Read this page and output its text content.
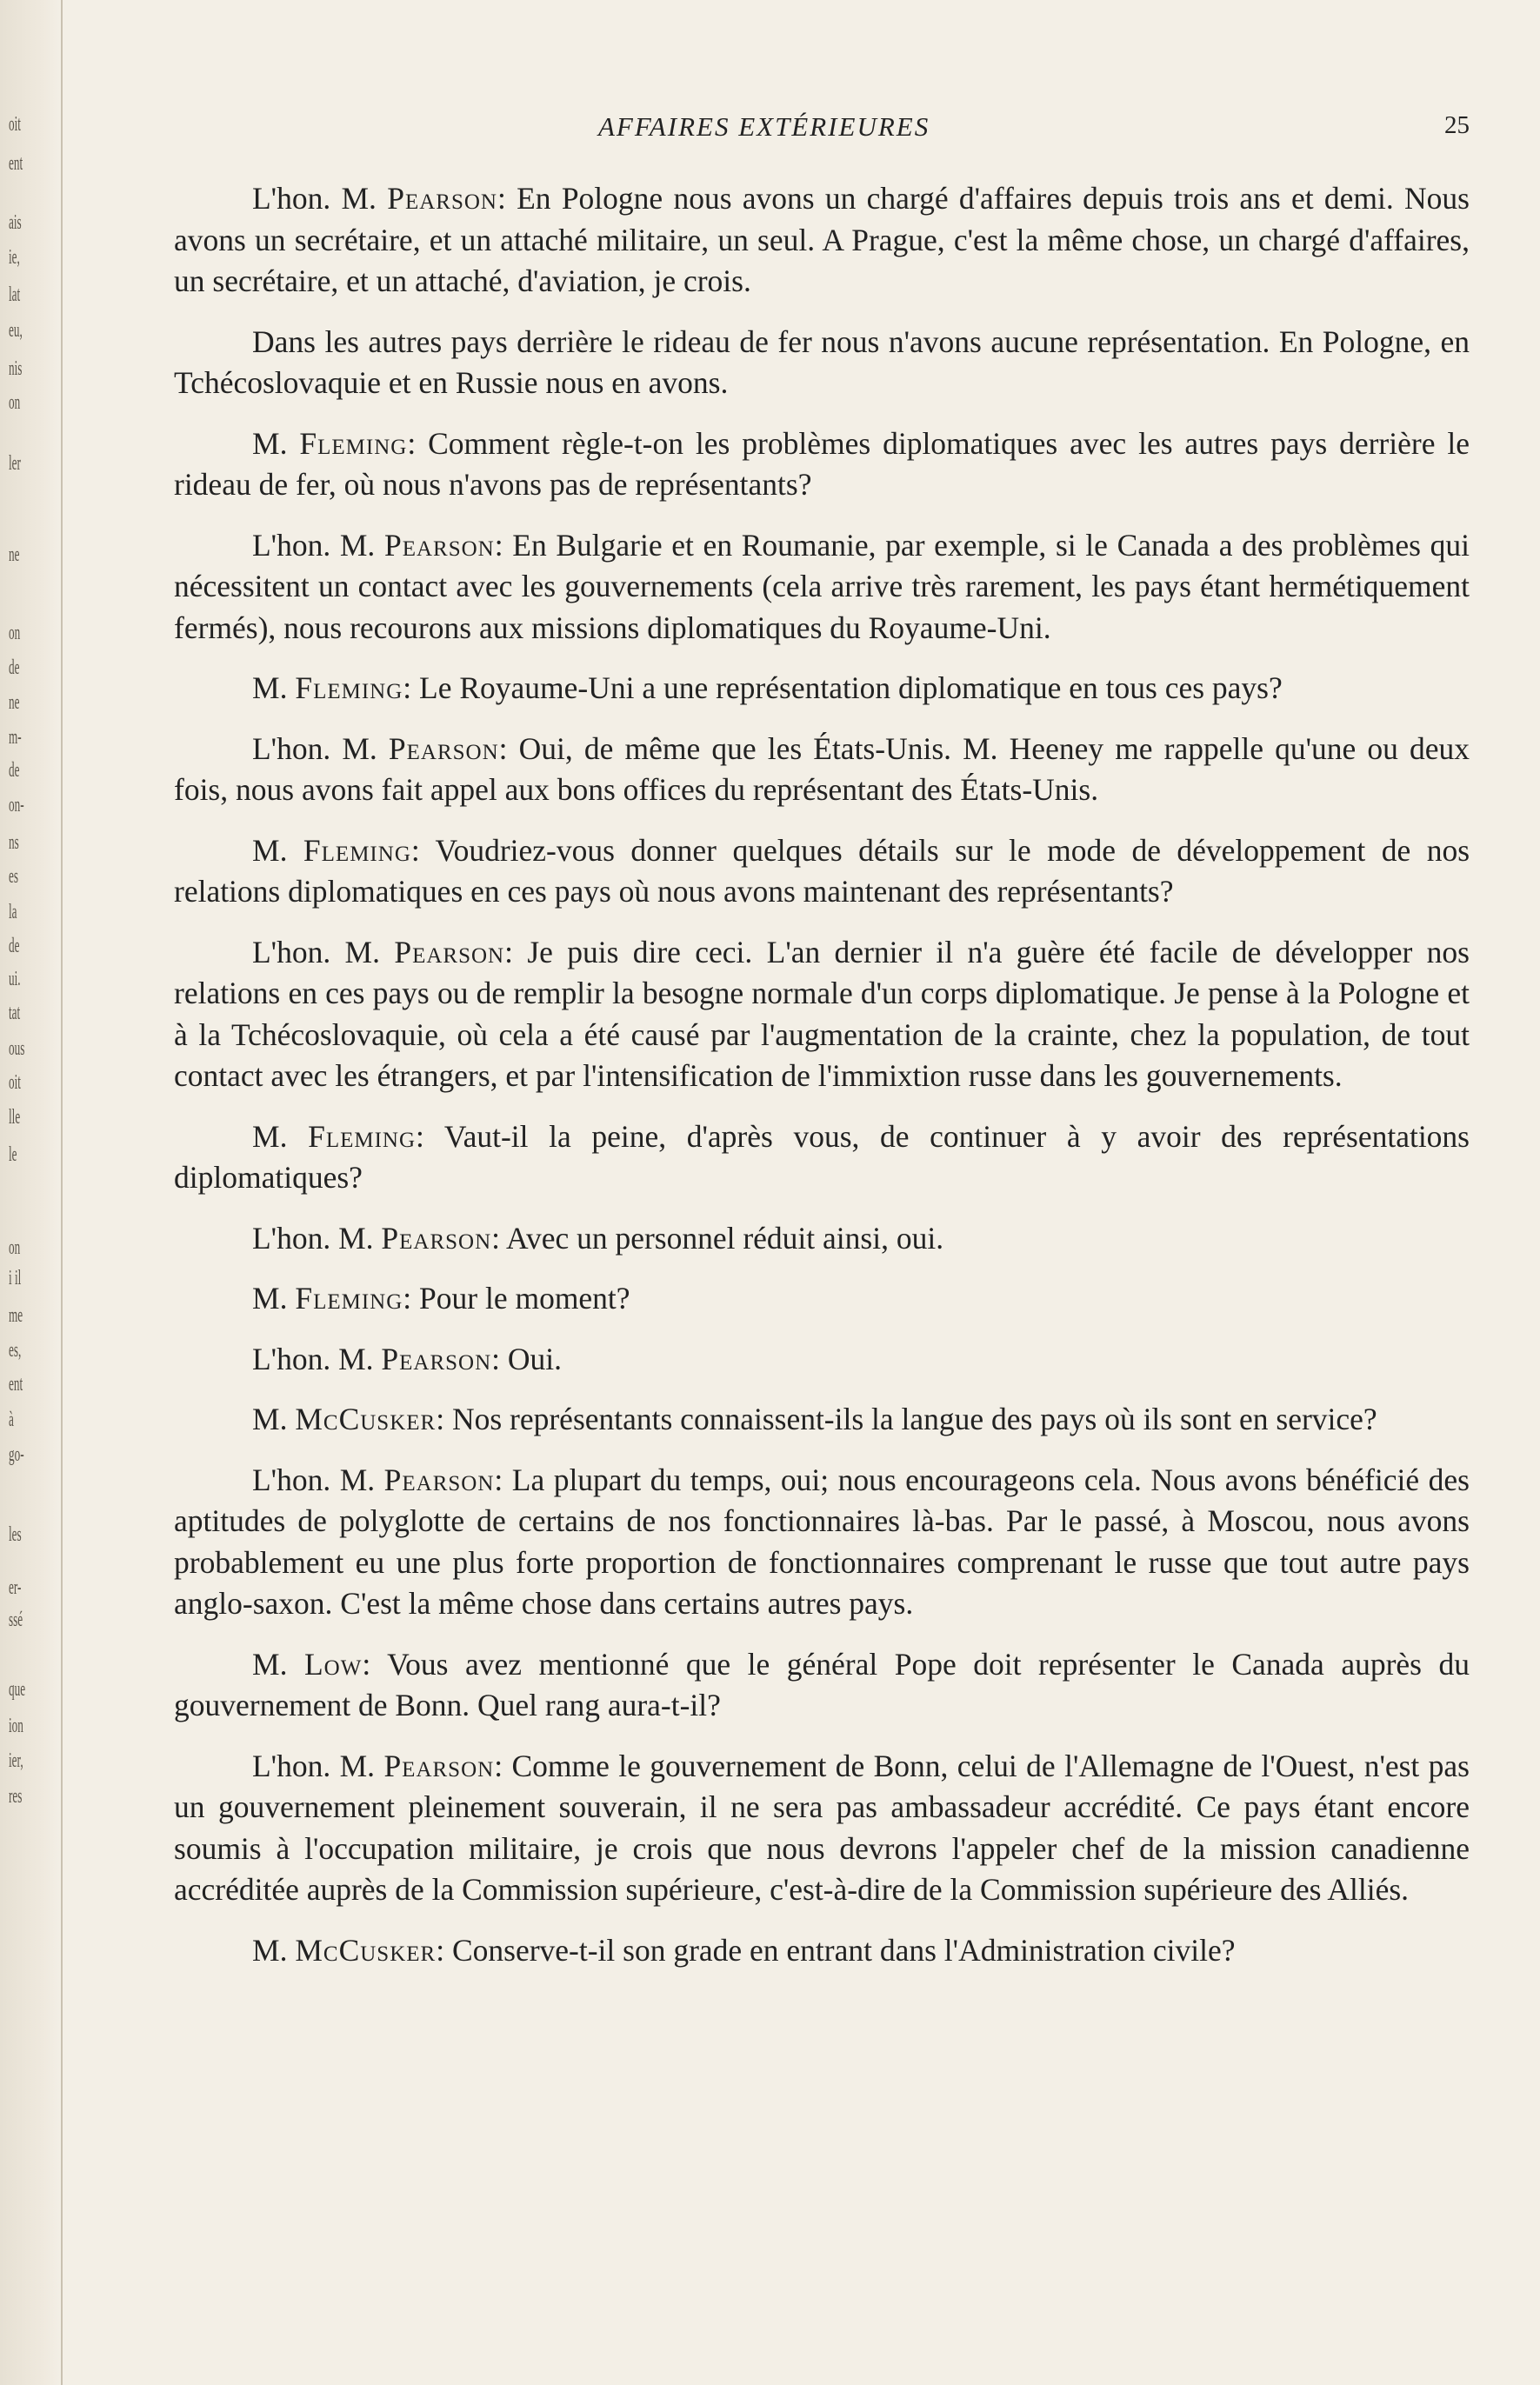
oit
ent
ais
ie,
lat
eu,
nis
on
ler
ne
on
de
ne
m-
de
on-
ns
es
la
de
ui.
tat
ous
oit
lle
le
on
i il
me
es,
ent
à
go-
les
er-
ssé
que
ion
ier,
res
AFFAIRES EXTÉRIEURES	25

L'hon. M. Pearson: En Pologne nous avons un chargé d'affaires depuis trois ans et demi. Nous avons un secrétaire, et un attaché militaire, un seul. A Prague, c'est la même chose, un chargé d'affaires, un secrétaire, et un attaché, d'aviation, je crois.

Dans les autres pays derrière le rideau de fer nous n'avons aucune représentation. En Pologne, en Tchécoslovaquie et en Russie nous en avons.

M. Fleming: Comment règle-t-on les problèmes diplomatiques avec les autres pays derrière le rideau de fer, où nous n'avons pas de représentants?

L'hon. M. Pearson: En Bulgarie et en Roumanie, par exemple, si le Canada a des problèmes qui nécessitent un contact avec les gouvernements (cela arrive très rarement, les pays étant hermétiquement fermés), nous recourons aux missions diplomatiques du Royaume-Uni.

M. Fleming: Le Royaume-Uni a une représentation diplomatique en tous ces pays?

L'hon. M. Pearson: Oui, de même que les États-Unis. M. Heeney me rappelle qu'une ou deux fois, nous avons fait appel aux bons offices du représentant des États-Unis.

M. Fleming: Voudriez-vous donner quelques détails sur le mode de développement de nos relations diplomatiques en ces pays où nous avons maintenant des représentants?

L'hon. M. Pearson: Je puis dire ceci. L'an dernier il n'a guère été facile de développer nos relations en ces pays ou de remplir la besogne normale d'un corps diplomatique. Je pense à la Pologne et à la Tchécoslovaquie, où cela a été causé par l'augmentation de la crainte, chez la population, de tout contact avec les étrangers, et par l'intensification de l'immixtion russe dans les gouvernements.

M. Fleming: Vaut-il la peine, d'après vous, de continuer à y avoir des représentations diplomatiques?

L'hon. M. Pearson: Avec un personnel réduit ainsi, oui.

M. Fleming: Pour le moment?

L'hon. M. Pearson: Oui.

M. McCusker: Nos représentants connaissent-ils la langue des pays où ils sont en service?

L'hon. M. Pearson: La plupart du temps, oui; nous encourageons cela. Nous avons bénéficié des aptitudes de polyglotte de certains de nos fonctionnaires là-bas. Par le passé, à Moscou, nous avons probablement eu une plus forte proportion de fonctionnaires comprenant le russe que tout autre pays anglo-saxon. C'est la même chose dans certains autres pays.

M. Low: Vous avez mentionné que le général Pope doit représenter le Canada auprès du gouvernement de Bonn. Quel rang aura-t-il?

L'hon. M. Pearson: Comme le gouvernement de Bonn, celui de l'Allemagne de l'Ouest, n'est pas un gouvernement pleinement souverain, il ne sera pas ambassadeur accrédité. Ce pays étant encore soumis à l'occupation militaire, je crois que nous devrons l'appeler chef de la mission canadienne accréditée auprès de la Commission supérieure, c'est-à-dire de la Commission supérieure des Alliés.

M. McCusker: Conserve-t-il son grade en entrant dans l'Administration civile?
